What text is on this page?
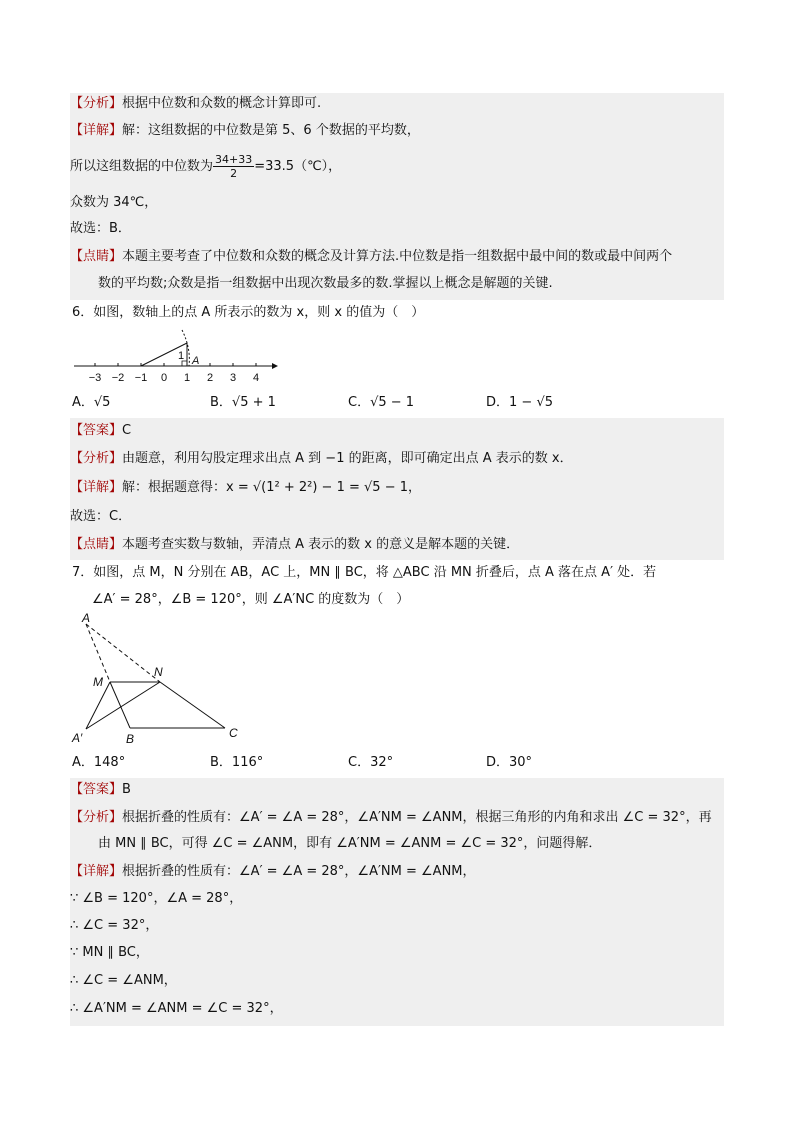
【分析】根据中位数和众数的概念计算即可.
【详解】解：这组数据的中位数是第 5、6 个数据的平均数，
所以这组数据的中位数为 $\frac{34+33}{2}$ =33.5（℃），
众数为 34℃，
故选：B．
【点睛】本题主要考查了中位数和众数的概念及计算方法.中位数是指一组数据中最中间的数或最中间两个
数的平均数;众数是指一组数据中出现次数最多的数.掌握以上概念是解题的关键.
6．如图，数轴上的点 A 所表示的数为 x，则 x 的值为（　）
−3 −2 −1 0 1 2 3 4
1 A
A．√5	B．√5 + 1	C．√5 − 1	D．1 − √5
【答案】C
【分析】由题意，利用勾股定理求出点 A 到 −1 的距离，即可确定出点 A 表示的数 x．
【详解】解：根据题意得：x = √(1² + 2²) − 1 = √5 − 1，
故选：C．
【点睛】本题考查实数与数轴，弄清点 A 表示的数 x 的意义是解本题的关键．
7．如图，点 M，N 分别在 AB，AC 上，MN ∥ BC，将 △ABC 沿 MN 折叠后，点 A 落在点 A′ 处．若
∠A′ = 28°，∠B = 120°，则 ∠A′NC 的度数为（　）
A
M
N
A′	B	C
A．148°	B．116°	C．32°	D．30°
【答案】B
【分析】根据折叠的性质有：∠A′ = ∠A = 28°，∠A′NM = ∠ANM，根据三角形的内角和求出 ∠C = 32°，再
由 MN ∥ BC，可得 ∠C = ∠ANM，即有 ∠A′NM = ∠ANM = ∠C = 32°，问题得解．
【详解】根据折叠的性质有：∠A′ = ∠A = 28°，∠A′NM = ∠ANM，
∵ ∠B = 120°，∠A = 28°，
∴ ∠C = 32°，
∵ MN ∥ BC，
∴ ∠C = ∠ANM，
∴ ∠A′NM = ∠ANM = ∠C = 32°，
